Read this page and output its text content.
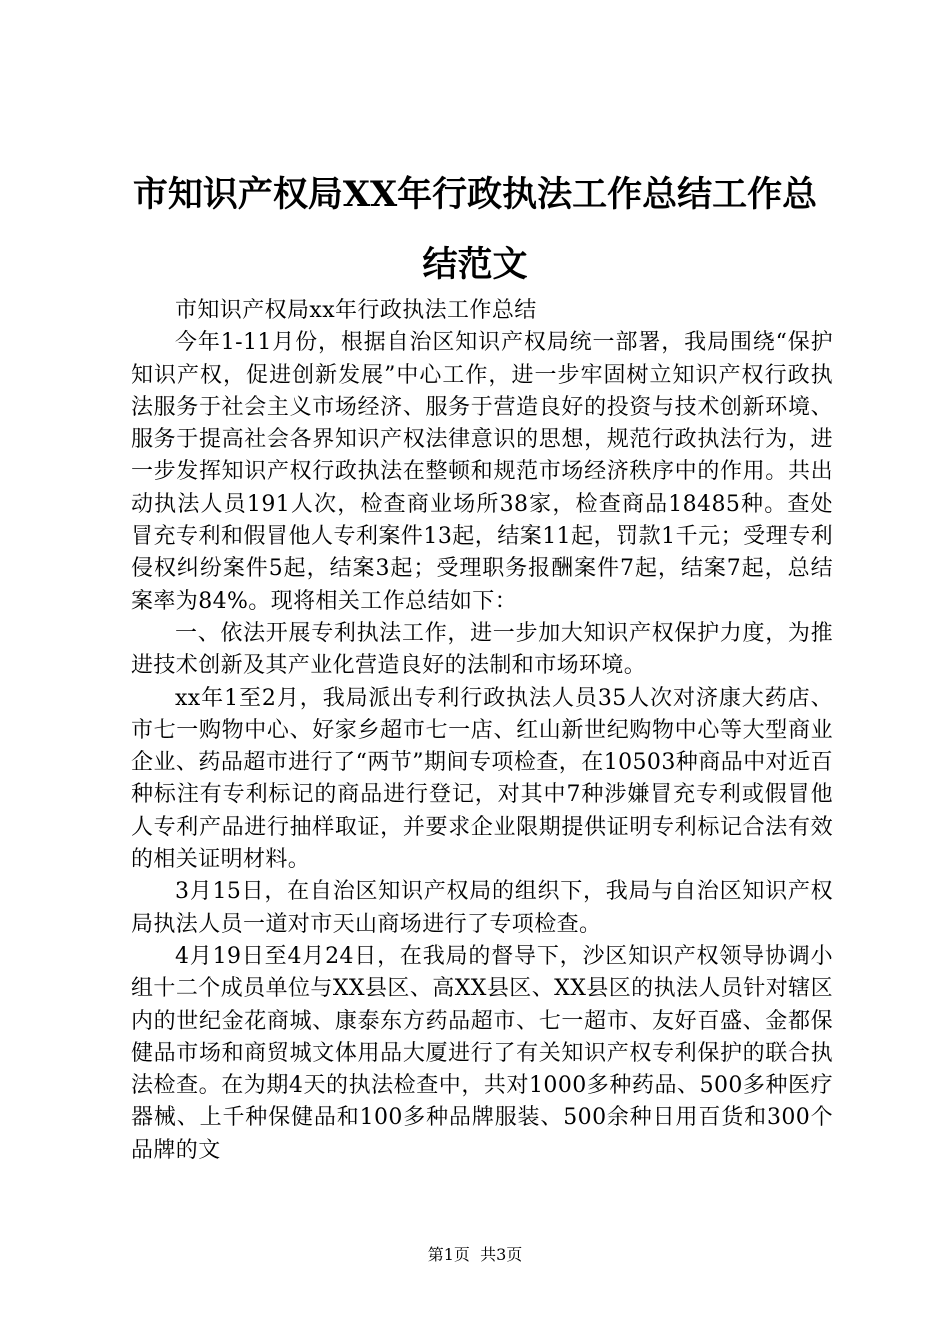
市知识产权局XX年行政执法工作总结工作总结范文

市知识产权局xx年行政执法工作总结

今年1-11月份，根据自治区知识产权局统一部署，我局围绕“保护知识产权，促进创新发展”中心工作，进一步牢固树立知识产权行政执法服务于社会主义市场经济、服务于营造良好的投资与技术创新环境、服务于提高社会各界知识产权法律意识的思想，规范行政执法行为，进一步发挥知识产权行政执法在整顿和规范市场经济秩序中的作用。共出动执法人员191人次，检查商业场所38家，检查商品18485种。查处冒充专利和假冒他人专利案件13起，结案11起，罚款1千元；受理专利侵权纠纷案件5起，结案3起；受理职务报酬案件7起，结案7起，总结案率为84%。现将相关工作总结如下：

一、依法开展专利执法工作，进一步加大知识产权保护力度，为推进技术创新及其产业化营造良好的法制和市场环境。

xx年1至2月，我局派出专利行政执法人员35人次对济康大药店、市七一购物中心、好家乡超市七一店、红山新世纪购物中心等大型商业企业、药品超市进行了“两节”期间专项检查，在10503种商品中对近百种标注有专利标记的商品进行登记，对其中7种涉嫌冒充专利或假冒他人专利产品进行抽样取证，并要求企业限期提供证明专利标记合法有效的相关证明材料。

3月15日，在自治区知识产权局的组织下，我局与自治区知识产权局执法人员一道对市天山商场进行了专项检查。

4月19日至4月24日，在我局的督导下，沙区知识产权领导协调小组十二个成员单位与XX县区、高XX县区、XX县区的执法人员针对辖区内的世纪金花商城、康泰东方药品超市、七一超市、友好百盛、金都保健品市场和商贸城文体用品大厦进行了有关知识产权专利保护的联合执法检查。在为期4天的执法检查中，共对1000多种药品、500多种医疗器械、上千种保健品和100多种品牌服装、500余种日用百货和300个品牌的文

第1页  共3页
